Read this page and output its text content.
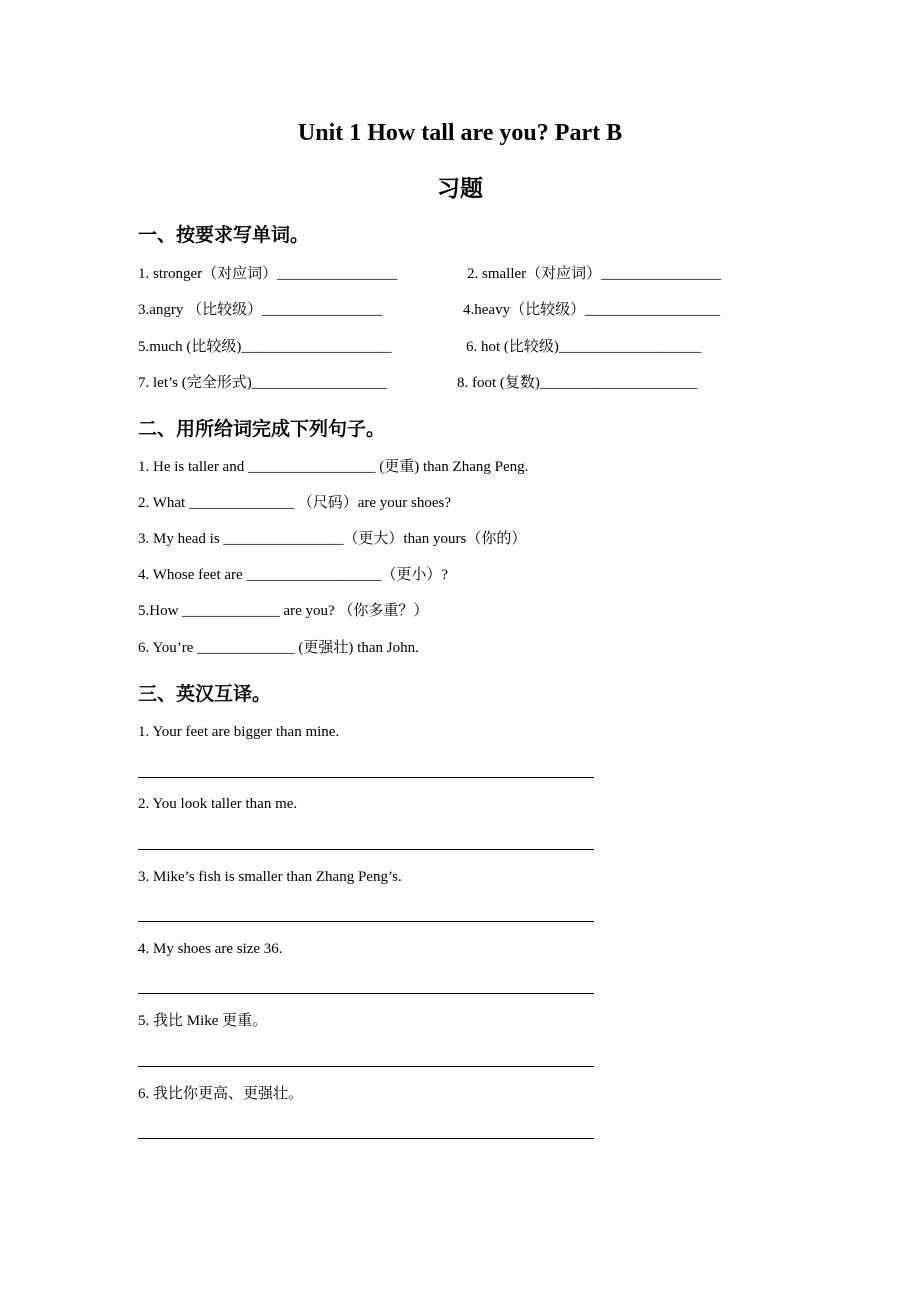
Unit 1 How tall are you? Part B
习题
一、按要求写单词。
1. stronger（对应词）________________	2. smaller（对应词）________________
3.angry （比较级）________________	4.heavy（比较级）__________________
5.much (比较级)____________________	6. hot (比较级)___________________
7. let’s (完全形式)__________________	8. foot (复数)_____________________
二、用所给词完成下列句子。
1. He is taller and _________________ (更重) than Zhang Peng.
2. What ______________ （尺码）are your shoes?
3. My head is ________________（更大）than yours（你的）
4. Whose feet are __________________（更小）?
5.How _____________ are you? （你多重？）
6. You’re _____________ (更强壮) than John.
三、英汉互译。
1. Your feet are bigger than mine.
2. You look taller than me.
3. Mike’s fish is smaller than Zhang Peng’s.
4. My shoes are size 36.
5. 我比 Mike 更重。
6. 我比你更高、更强壮。
